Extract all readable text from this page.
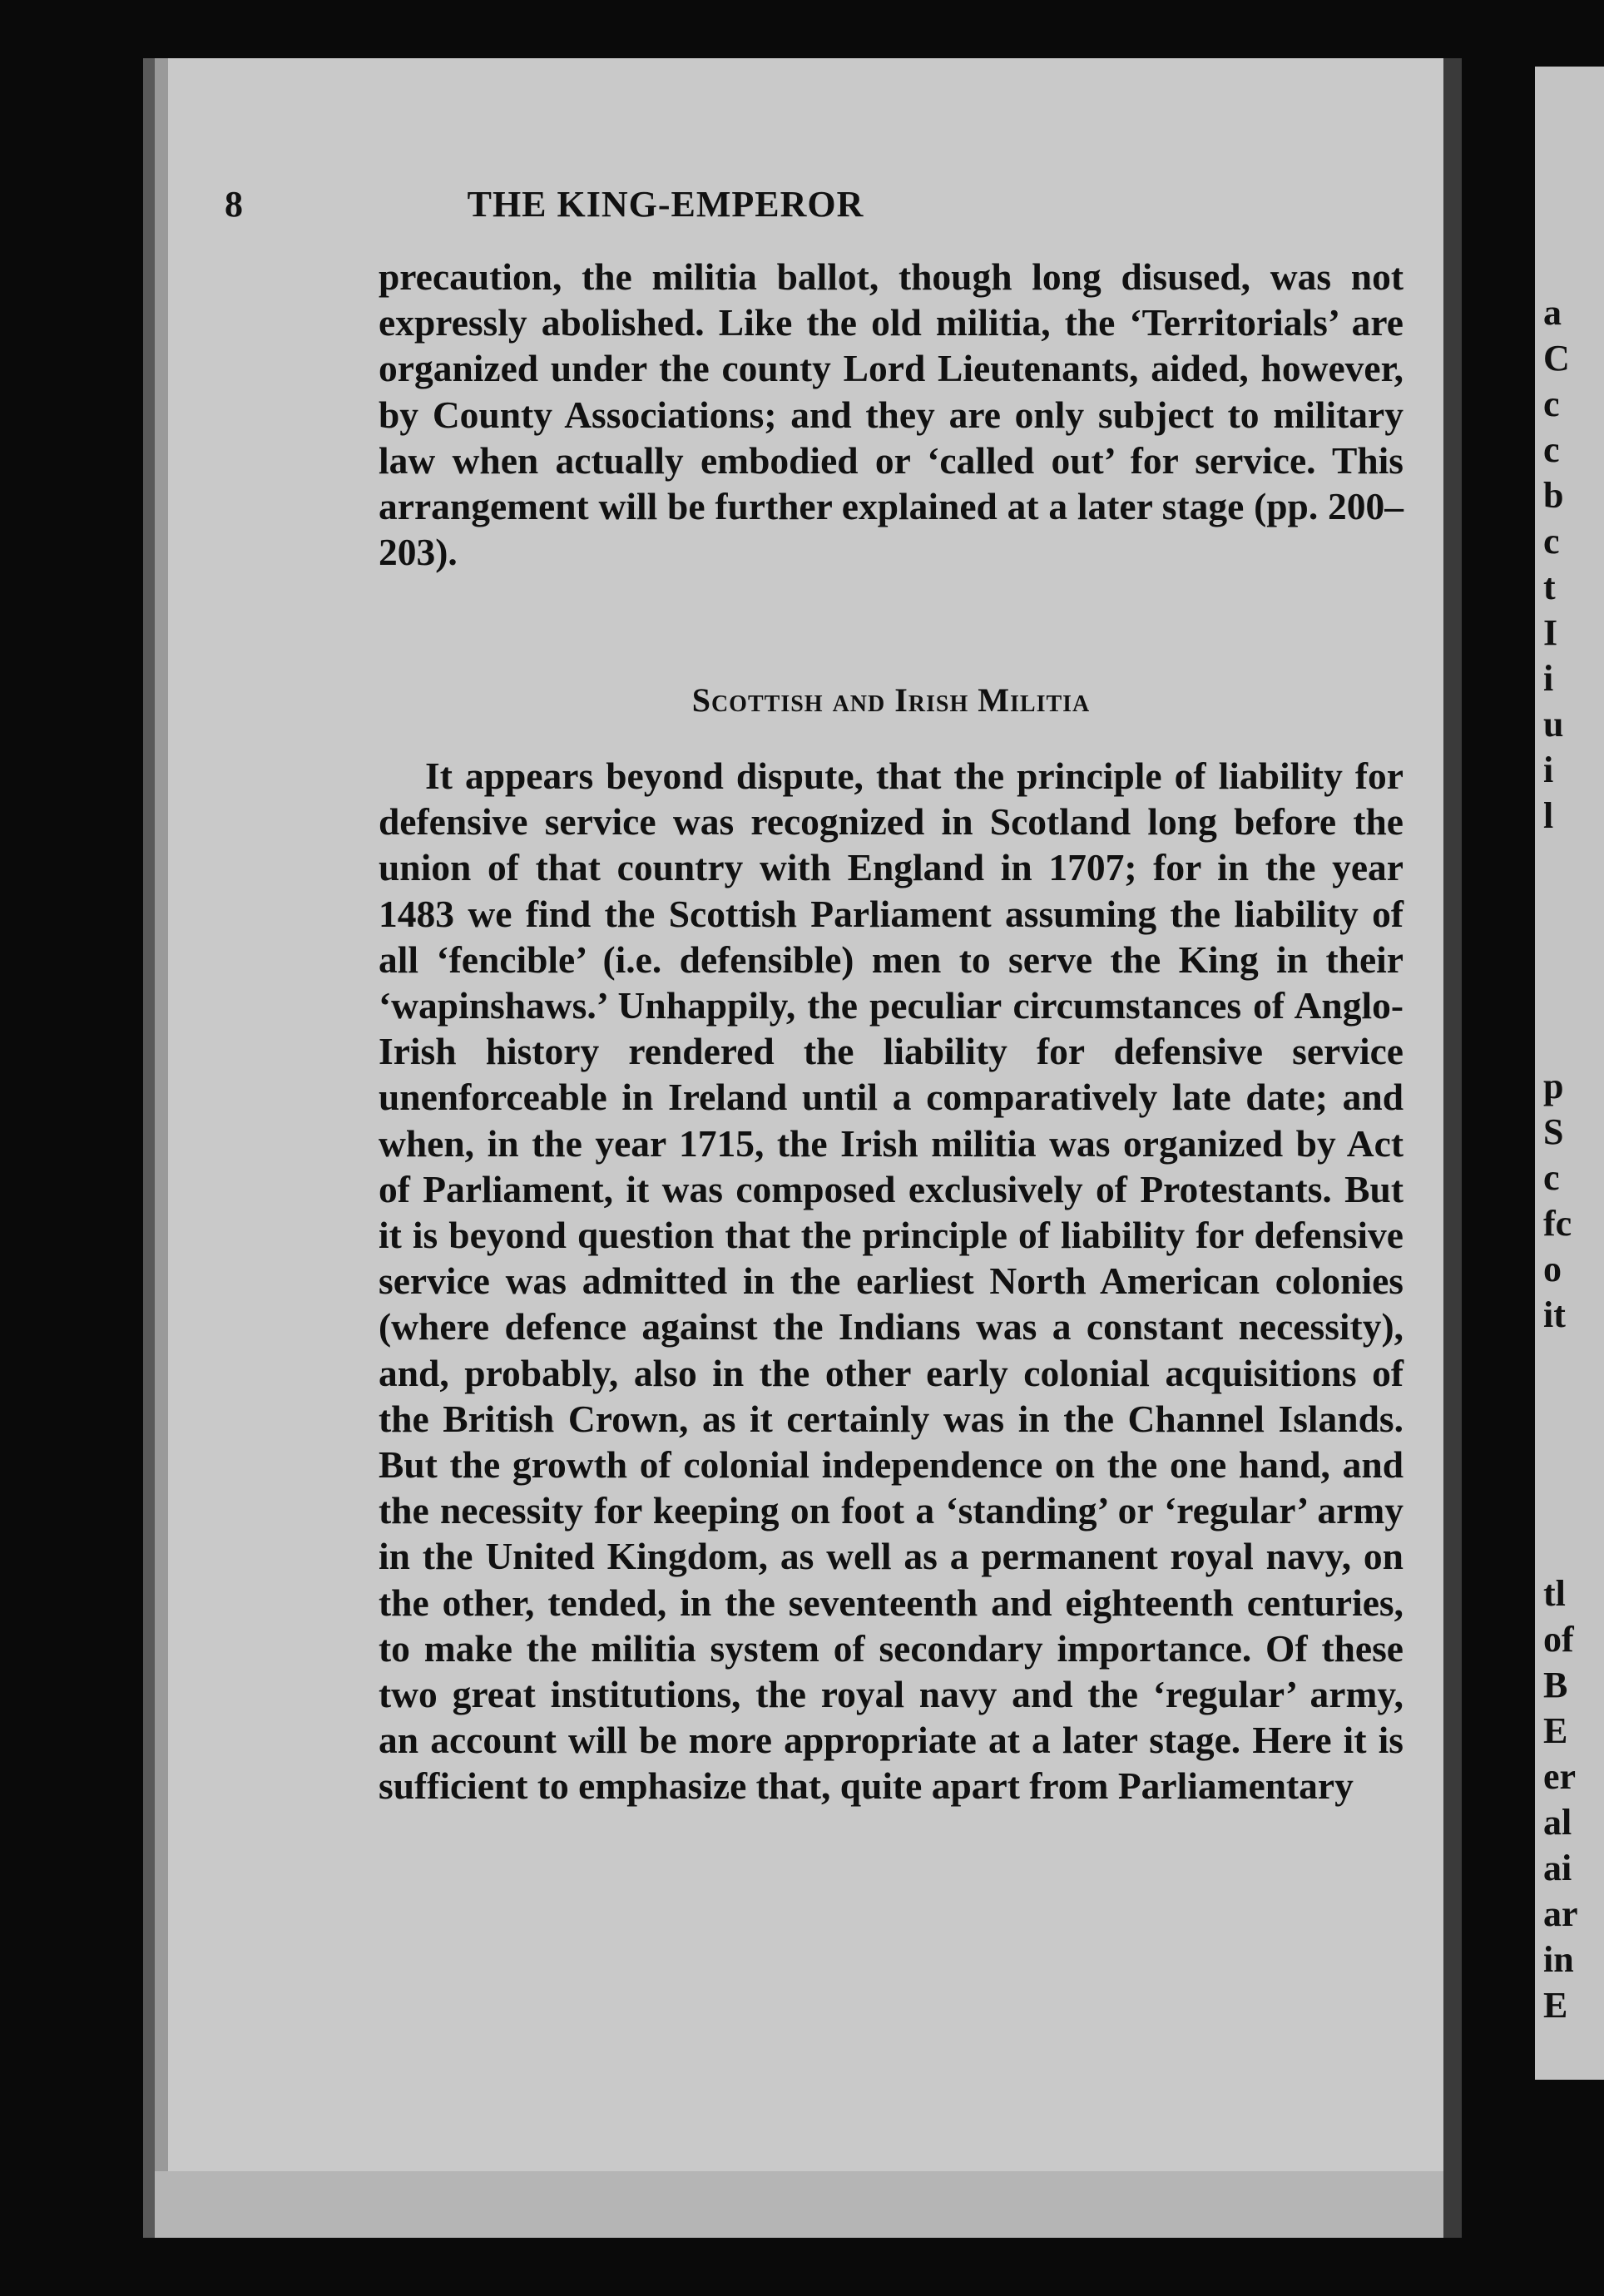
8	THE KING-EMPEROR

precaution, the militia ballot, though long disused, was not expressly abolished. Like the old militia, the ‘Territorials’ are organized under the county Lord Lieutenants, aided, however, by County Associations; and they are only subject to military law when actually embodied or ‘called out’ for service. This arrangement will be further explained at a later stage (pp. 200–203).

Scottish and Irish Militia

It appears beyond dispute, that the principle of liability for defensive service was recognized in Scotland long before the union of that country with England in 1707; for in the year 1483 we find the Scottish Parliament assuming the liability of all ‘fencible’ (i.e. defensible) men to serve the King in their ‘wapinshaws.’ Unhappily, the peculiar circumstances of Anglo-Irish history rendered the liability for defensive service unenforceable in Ireland until a comparatively late date; and when, in the year 1715, the Irish militia was organized by Act of Parliament, it was composed exclusively of Protestants. But it is beyond question that the principle of liability for defensive service was admitted in the earliest North American colonies (where defence against the Indians was a constant necessity), and, probably, also in the other early colonial acquisitions of the British Crown, as it certainly was in the Channel Islands. But the growth of colonial independence on the one hand, and the necessity for keeping on foot a ‘standing’ or ‘regular’ army in the United Kingdom, as well as a permanent royal navy, on the other, tended, in the seventeenth and eighteenth centuries, to make the militia system of secondary importance. Of these two great institutions, the royal navy and the ‘regular’ army, an account will be more appropriate at a later stage. Here it is sufficient to emphasize that, quite apart from Parliamentary

a
C
c
c
b
c
t
I
i
u
i
l
p
S
c
fc
o
it
tl
of
B
E
er
al
ai
ar
in
E
